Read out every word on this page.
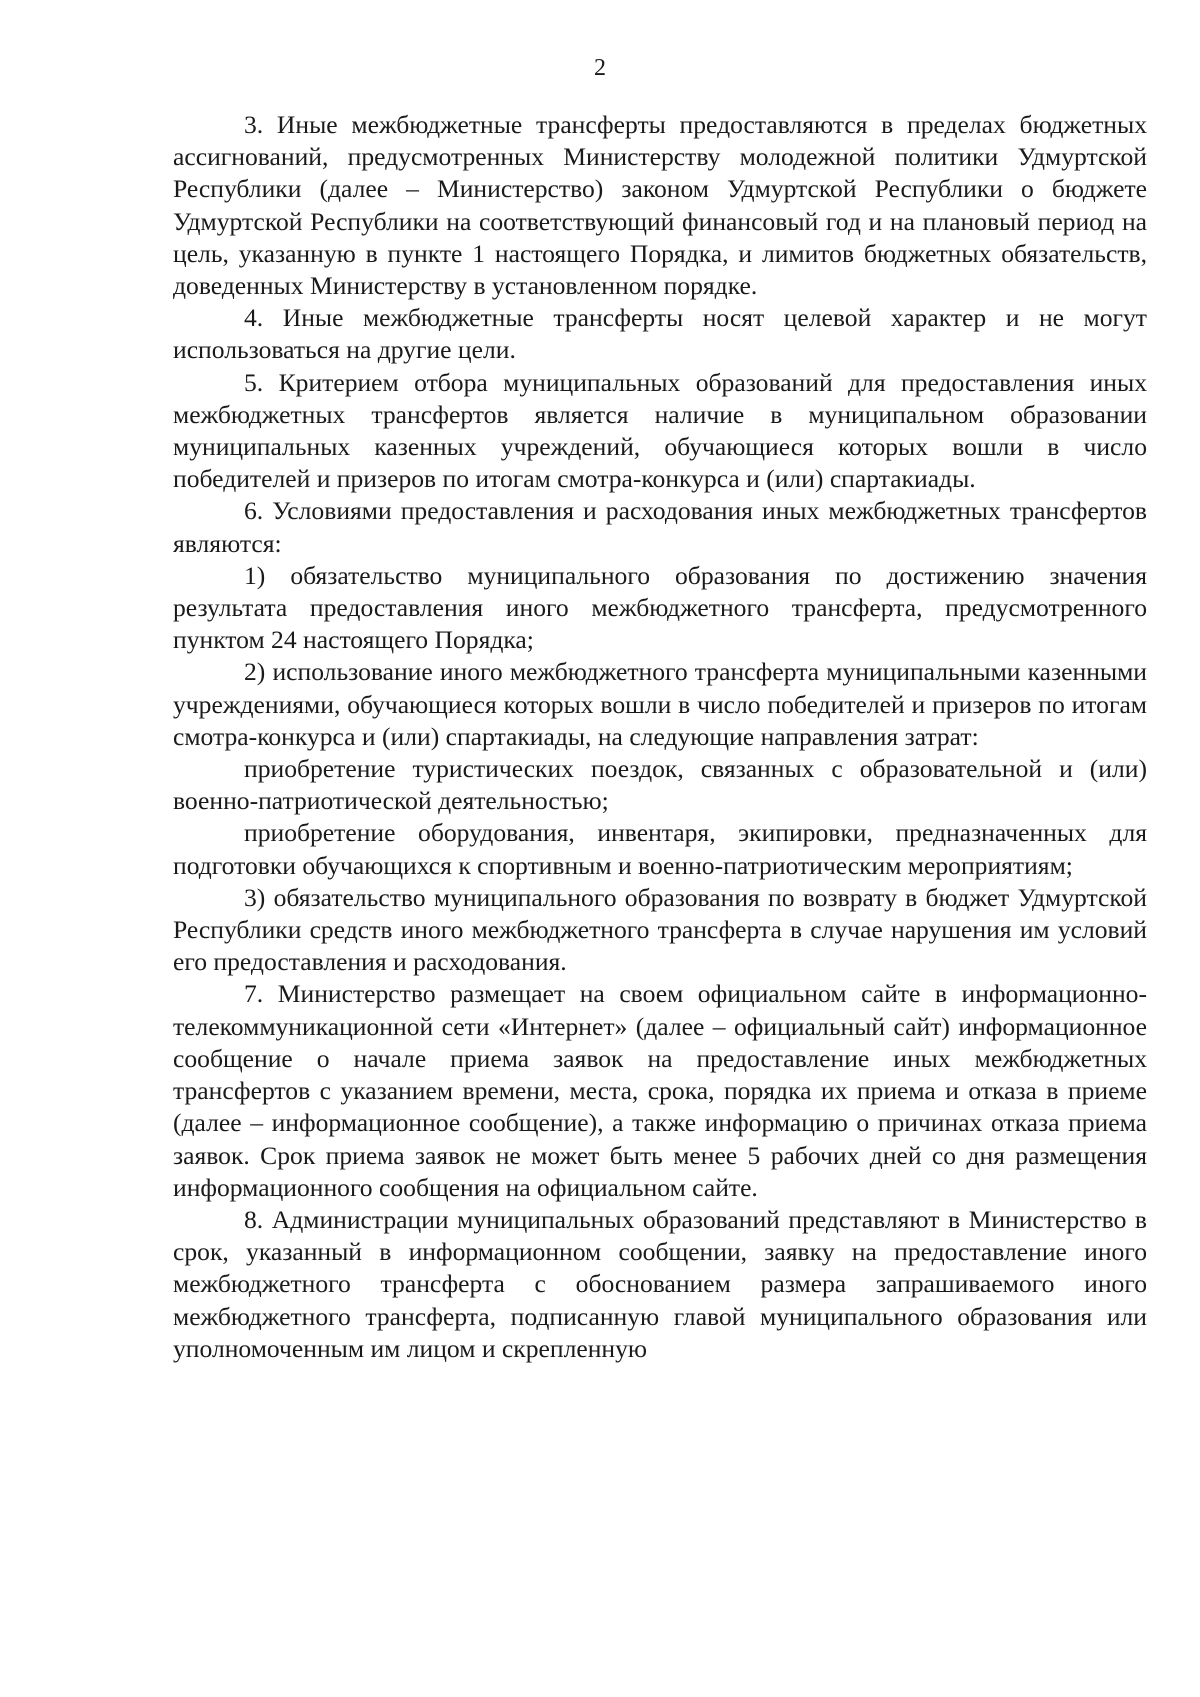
2

3. Иные межбюджетные трансферты предоставляются в пределах бюджетных ассигнований, предусмотренных Министерству молодежной политики Удмуртской Республики (далее – Министерство) законом Удмуртской Республики о бюджете Удмуртской Республики на соответствующий финансовый год и на плановый период на цель, указанную в пункте 1 настоящего Порядка, и лимитов бюджетных обязательств, доведенных Министерству в установленном порядке.

4. Иные межбюджетные трансферты носят целевой характер и не могут использоваться на другие цели.

5. Критерием отбора муниципальных образований для предоставления иных межбюджетных трансфертов является наличие в муниципальном образовании муниципальных казенных учреждений, обучающиеся которых вошли в число победителей и призеров по итогам смотра-конкурса и (или) спартакиады.

6. Условиями предоставления и расходования иных межбюджетных трансфертов являются:

1) обязательство муниципального образования по достижению значения результата предоставления иного межбюджетного трансферта, предусмотренного пунктом 24 настоящего Порядка;

2) использование иного межбюджетного трансферта муниципальными казенными учреждениями, обучающиеся которых вошли в число победителей и призеров по итогам смотра-конкурса и (или) спартакиады, на следующие направления затрат:

приобретение туристических поездок, связанных с образовательной и (или) военно-патриотической деятельностью;

приобретение оборудования, инвентаря, экипировки, предназначенных для подготовки обучающихся к спортивным и военно-патриотическим мероприятиям;

3) обязательство муниципального образования по возврату в бюджет Удмуртской Республики средств иного межбюджетного трансферта в случае нарушения им условий его предоставления и расходования.

7. Министерство размещает на своем официальном сайте в информационно-телекоммуникационной сети «Интернет» (далее – официальный сайт) информационное сообщение о начале приема заявок на предоставление иных межбюджетных трансфертов с указанием времени, места, срока, порядка их приема и отказа в приеме (далее – информационное сообщение), а также информацию о причинах отказа приема заявок. Срок приема заявок не может быть менее 5 рабочих дней со дня размещения информационного сообщения на официальном сайте.

8. Администрации муниципальных образований представляют в Министерство в срок, указанный в информационном сообщении, заявку на предоставление иного межбюджетного трансферта с обоснованием размера запрашиваемого иного межбюджетного трансферта, подписанную главой муниципального образования или уполномоченным им лицом и скрепленную
